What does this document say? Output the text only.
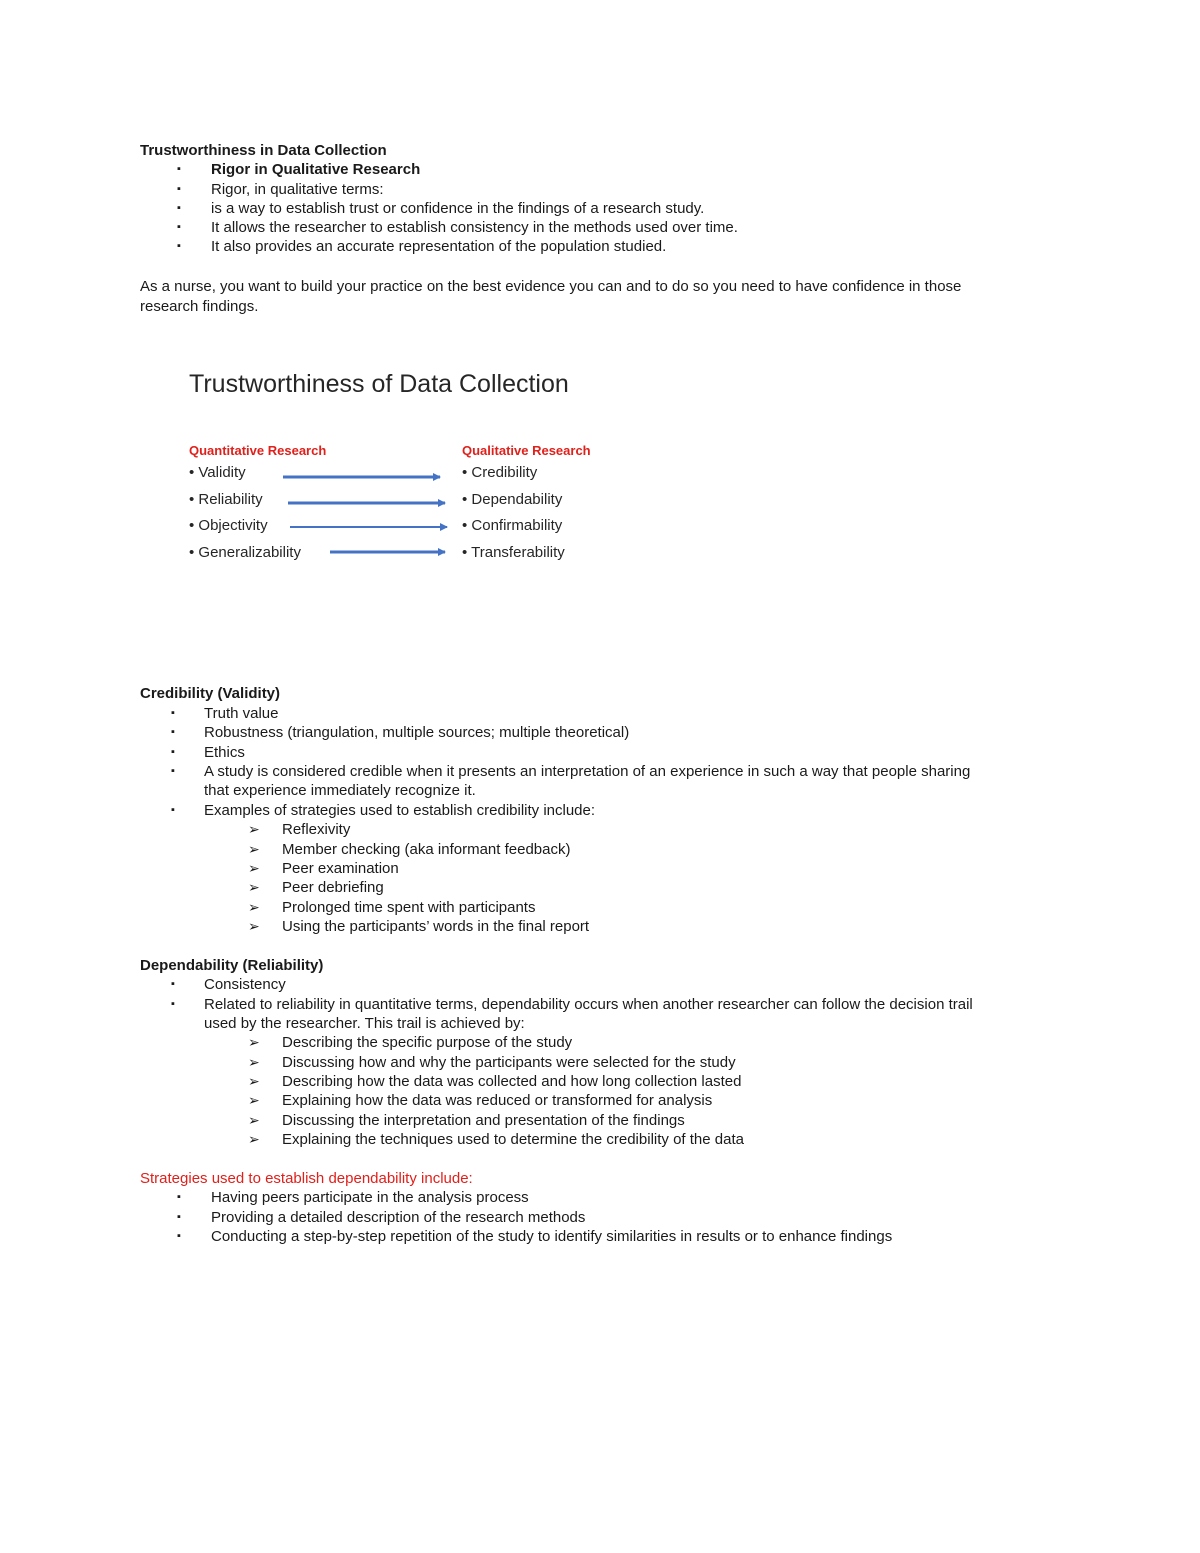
Trustworthiness in Data Collection
▪ Rigor in Qualitative Research
▪ Rigor, in qualitative terms:
▪ is a way to establish trust or confidence in the findings of a research study.
▪ It allows the researcher to establish consistency in the methods used over time.
▪ It also provides an accurate representation of the population studied.
As a nurse, you want to build your practice on the best evidence you can and to do so you need to have confidence in those
research findings.
Trustworthiness of Data Collection
Quantitative Research	Qualitative Research
• Validity
• Reliability
• Objectivity
• Generalizability
• Credibility
• Dependability
• Confirmability
• Transferability
Credibility (Validity)
▪ Truth value
▪ Robustness (triangulation, multiple sources; multiple theoretical)
▪ Ethics
▪ A study is considered credible when it presents an interpretation of an experience in such a way that people sharing
that experience immediately recognize it.
▪ Examples of strategies used to establish credibility include:
➢ Reflexivity
➢ Member checking (aka informant feedback)
➢ Peer examination
➢ Peer debriefing
➢ Prolonged time spent with participants
➢ Using the participants’ words in the final report
Dependability (Reliability)
▪ Consistency
▪ Related to reliability in quantitative terms, dependability occurs when another researcher can follow the decision trail
used by the researcher. This trail is achieved by:
➢ Describing the specific purpose of the study
➢ Discussing how and why the participants were selected for the study
➢ Describing how the data was collected and how long collection lasted
➢ Explaining how the data was reduced or transformed for analysis
➢ Discussing the interpretation and presentation of the findings
➢ Explaining the techniques used to determine the credibility of the data
Strategies used to establish dependability include:
▪ Having peers participate in the analysis process
▪ Providing a detailed description of the research methods
▪ Conducting a step-by-step repetition of the study to identify similarities in results or to enhance findings
